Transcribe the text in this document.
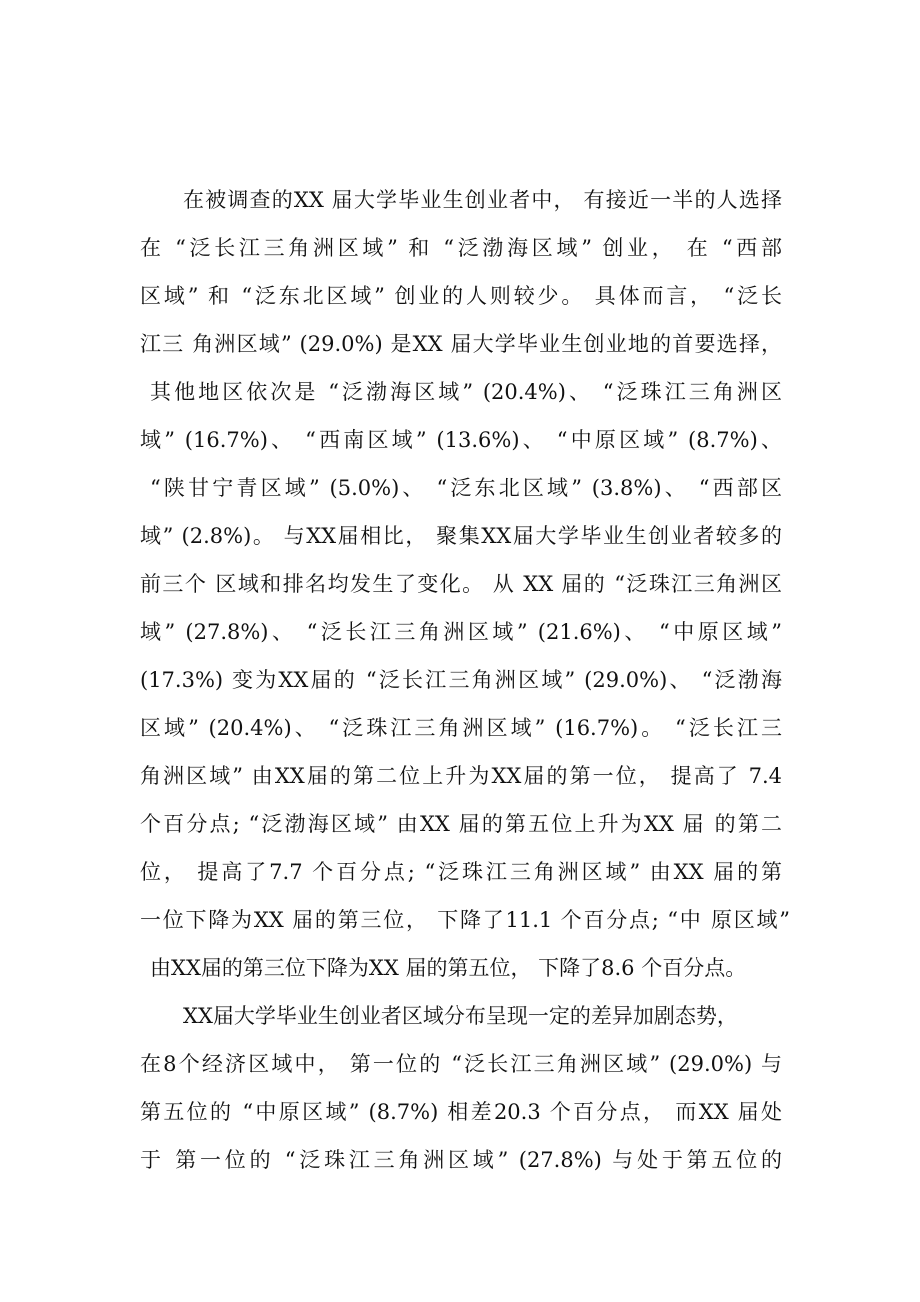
在被调查的XX 届大学毕业生创业者中， 有接近一半的人选择
在 “泛长江三角洲区域” 和 “泛渤海区域” 创业， 在 “西部
区域” 和 “泛东北区域” 创业的人则较少。 具体而言， “泛长
江三 角洲区域” (29.0%) 是XX 届大学毕业生创业地的首要选择，
其他地区依次是 “泛渤海区域” (20.4%)、 “泛珠江三角洲区
域” (16.7%)、 “西南区域” (13.6%)、 “中原区域” (8.7%)、
“陕甘宁青区域” (5.0%)、 “泛东北区域” (3.8%)、 “西部区
域” (2.8%)。 与XX届相比， 聚集XX届大学毕业生创业者较多的
前三个 区域和排名均发生了变化。 从 XX 届的 “泛珠江三角洲区
域” (27.8%)、 “泛长江三角洲区域” (21.6%)、 “中原区域”
(17.3%) 变为XX届的 “泛长江三角洲区域” (29.0%)、 “泛渤海
区域” (20.4%)、 “泛珠江三角洲区域” (16.7%)。 “泛长江三
角洲区域” 由XX届的第二位上升为XX届的第一位， 提高了 7.4
个百分点; “泛渤海区域” 由XX 届的第五位上升为XX 届 的第二
位， 提高了7.7 个百分点; “泛珠江三角洲区域” 由XX 届的第
一位下降为XX 届的第三位， 下降了11.1 个百分点; “中 原区域”
由XX届的第三位下降为XX 届的第五位， 下降了8.6 个百分点。
XX届大学毕业生创业者区域分布呈现一定的差异加剧态势，
在8个经济区域中， 第一位的 “泛长江三角洲区域” (29.0%) 与
第五位的 “中原区域” (8.7%) 相差20.3 个百分点， 而XX 届处
于 第一位的 “泛珠江三角洲区域” (27.8%) 与处于第五位的
